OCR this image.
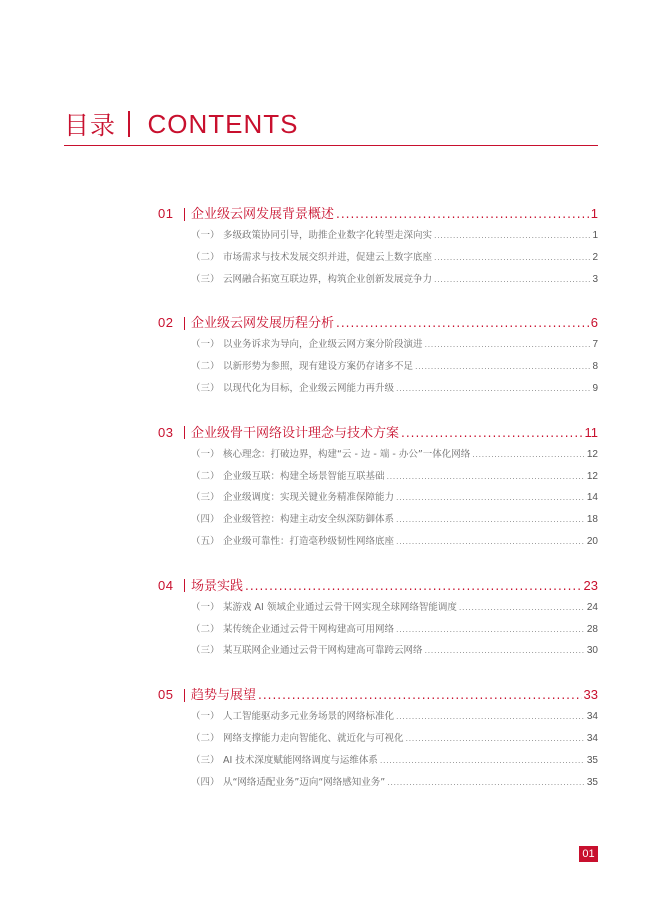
目录 CONTENTS
01	企业级云网发展背景概述 .....	1
（一） 多级政策协同引导，助推企业数字化转型走深向实 .....	1
（二） 市场需求与技术发展交织并进，促建云上数字底座 .....	2
（三） 云网融合拓宽互联边界，构筑企业创新发展竞争力 .....	3
02	企业级云网发展历程分析 .....	6
（一） 以业务诉求为导向，企业级云网方案分阶段演进 .....	7
（二） 以新形势为参照，现有建设方案仍存诸多不足 .....	8
（三） 以现代化为目标，企业级云网能力再升级 .....	9
03	企业级骨干网络设计理念与技术方案 .....	11
（一） 核心理念：打破边界，构建“云 - 边 - 端 - 办公”一体化网络 .....	12
（二） 企业级互联：构建全场景智能互联基础 .....	12
（三） 企业级调度：实现关键业务精准保障能力 .....	14
（四） 企业级管控：构建主动安全纵深防御体系 .....	18
（五） 企业级可靠性：打造毫秒级韧性网络底座 .....	20
04	场景实践 .....	23
（一） 某游戏 AI 领域企业通过云骨干网实现全球网络智能调度 .....	24
（二） 某传统企业通过云骨干网构建高可用网络 .....	28
（三） 某互联网企业通过云骨干网构建高可靠跨云网络 .....	30
05	趋势与展望 .....	33
（一） 人工智能驱动多元业务场景的网络标准化 .....	34
（二） 网络支撑能力走向智能化、就近化与可视化 .....	34
（三） AI 技术深度赋能网络调度与运维体系 .....	35
（四） 从“网络适配业务”迈向“网络感知业务” .....	35
01
